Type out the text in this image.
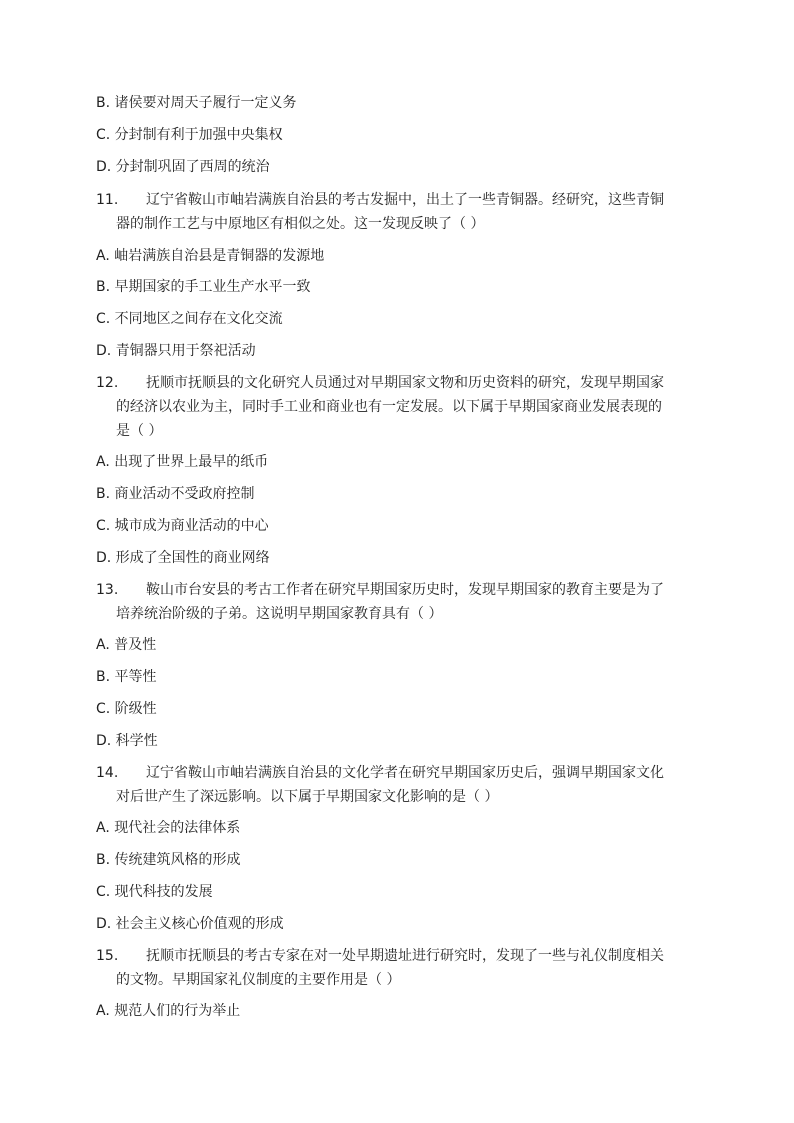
B. 诸侯要对周天子履行一定义务
C. 分封制有利于加强中央集权
D. 分封制巩固了西周的统治
11. 辽宁省鞍山市岫岩满族自治县的考古发掘中，出土了一些青铜器。经研究，这些青铜
器的制作工艺与中原地区有相似之处。这一发现反映了（ ）
A. 岫岩满族自治县是青铜器的发源地
B. 早期国家的手工业生产水平一致
C. 不同地区之间存在文化交流
D. 青铜器只用于祭祀活动
12. 抚顺市抚顺县的文化研究人员通过对早期国家文物和历史资料的研究，发现早期国家
的经济以农业为主，同时手工业和商业也有一定发展。以下属于早期国家商业发展表现的
是（ ）
A. 出现了世界上最早的纸币
B. 商业活动不受政府控制
C. 城市成为商业活动的中心
D. 形成了全国性的商业网络
13. 鞍山市台安县的考古工作者在研究早期国家历史时，发现早期国家的教育主要是为了
培养统治阶级的子弟。这说明早期国家教育具有（ ）
A. 普及性
B. 平等性
C. 阶级性
D. 科学性
14. 辽宁省鞍山市岫岩满族自治县的文化学者在研究早期国家历史后，强调早期国家文化
对后世产生了深远影响。以下属于早期国家文化影响的是（ ）
A. 现代社会的法律体系
B. 传统建筑风格的形成
C. 现代科技的发展
D. 社会主义核心价值观的形成
15. 抚顺市抚顺县的考古专家在对一处早期遗址进行研究时，发现了一些与礼仪制度相关
的文物。早期国家礼仪制度的主要作用是（ ）
A. 规范人们的行为举止
